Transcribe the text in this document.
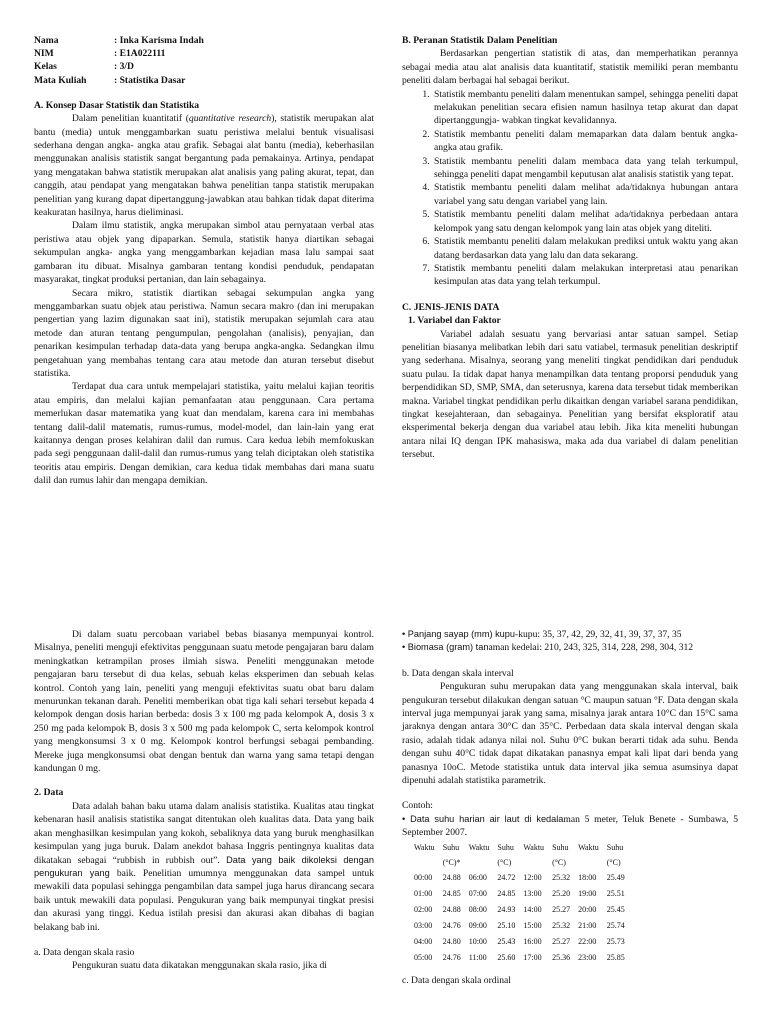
Nama	: Inka Karisma Indah
NIM	: E1A022111
Kelas	: 3/D
Mata Kuliah	: Statistika Dasar

A. Konsep Dasar Statistik dan Statistika

Dalam penelitian kuantitatif (quantitative research), statistik merupakan alat bantu (media) untuk menggambarkan suatu peristiwa melalui bentuk visualisasi sederhana dengan angka- angka atau grafik. Sebagai alat bantu (media), keberhasilan menggunakan analisis statistik sangat bergantung pada pemakainya. Artinya, pendapat yang mengatakan bahwa statistik merupakan alat analisis yang paling akurat, tepat, dan canggih, atau pendapat yang mengatakan bahwa penelitian tanpa statistik merupakan penelitian yang kurang dapat dipertanggung-jawabkan atau bahkan tidak dapat diterima keakuratan hasilnya, harus dieliminasi.

Dalam ilmu statistik, angka merupakan simbol atau pernyataan verbal atas peristiwa atau objek yang dipaparkan. Semula, statistik hanya diartikan sebagai sekumpulan angka- angka yang menggambarkan kejadian masa lalu sampai saat gambaran itu dibuat. Misalnya gambaran tentang kondisi penduduk, pendapatan masyarakat, tingkat produksi pertanian, dan lain sebagainya.

Secara mikro, statistik diartikan sebagai sekumpulan angka yang menggambarkan suatu objek atau peristiwa. Namun secara makro (dan ini merupakan pengertian yang lazim digunakan saat ini), statistik merupakan sejumlah cara atau metode dan aturan tentang pengumpulan, pengolahan (analisis), penyajian, dan penarikan kesimpulan terhadap data-data yang berupa angka-angka. Sedangkan ilmu pengetahuan yang membahas tentang cara atau metode dan aturan tersebut disebut statistika.

Terdapat dua cara untuk mempelajari statistika, yaitu melalui kajian teoritis atau empiris, dan melalui kajian pemanfaatan atau penggunaan. Cara pertama memerlukan dasar matematika yang kuat dan mendalam, karena cara ini membahas tentang dalil-dalil matematis, rumus-rumus, model-model, dan lain-lain yang erat kaitannya dengan proses kelahiran dalil dan rumus. Cara kedua lebih memfokuskan pada segi penggunaan dalil-dalil dan rumus-rumus yang telah diciptakan oleh statistika teoritis atau empiris. Dengan demikian, cara kedua tidak membahas dari mana suatu dalil dan rumus lahir dan mengapa demikian.

B. Peranan Statistik Dalam Penelitian

Berdasarkan pengertian statistik di atas, dan memperhatikan perannya sebagai media atau alat analisis data kuantitatif, statistik memiliki peran membantu peneliti dalam berbagai hal sebagai berikut.

1. Statistik membantu peneliti dalam menentukan sampel, sehingga peneliti dapat melakukan penelitian secara efisien namun hasilnya tetap akurat dan dapat dipertanggungja- wabkan tingkat kevalidannya.
2. Statistik membantu peneliti dalam memaparkan data dalam bentuk angka-angka atau grafik.
3. Statistik membantu peneliti dalam membaca data yang telah terkumpul, sehingga peneliti dapat mengambil keputusan alat analisis statistik yang tepat.
4. Statistik membantu peneliti dalam melihat ada/tidaknya hubungan antara variabel yang satu dengan variabel yang lain.
5. Statistik membantu peneliti dalam melihat ada/tidaknya perbedaan antara kelompok yang satu dengan kelompok yang lain atas objek yang diteliti.
6. Statistik membantu peneliti dalam melakukan prediksi untuk waktu yang akan datang berdasarkan data yang lalu dan data sekarang.
7. Statistik membantu peneliti dalam melakukan interpretasi atau penarikan kesimpulan atas data yang telah terkumpul.

C. JENIS-JENIS DATA

1. Variabel dan Faktor

Variabel adalah sesuatu yang bervariasi antar satuan sampel. Setiap penelitian biasanya melibatkan lebih dari satu vatiabel, termasuk penelitian deskriptif yang sederhana. Misalnya, seorang yang meneliti tingkat pendidikan dari penduduk suatu pulau. Ia tidak dapat hanya menampilkan data tentang proporsi penduduk yang berpendidikan SD, SMP, SMA, dan seterusnya, karena data tersebut tidak memberikan makna. Variabel tingkat pendidikan perlu dikaitkan dengan variabel sarana pendidikan, tingkat kesejahteraan, dan sebagainya. Penelitian yang bersifat eksploratif atau eksperimental bekerja dengan dua variabel atau lebih. Jika kita meneliti hubungan antara nilai IQ dengan IPK mahasiswa, maka ada dua variabel di dalam penelitian tersebut.

Di dalam suatu percobaan variabel bebas biasanya mempunyai kontrol. Misalnya, peneliti menguji efektivitas penggunaan suatu metode pengajaran baru dalam meningkatkan ketrampilan proses ilmiah siswa. Peneliti menggunakan metode pengajaran baru tersebut di dua kelas, sebuah kelas eksperimen dan sebuah kelas kontrol. Contoh yang lain, peneliti yang menguji efektivitas suatu obat baru dalam menurunkan tekanan darah. Peneliti memberikan obat tiga kali sehari tersebut kepada 4 kelompok dengan dosis harian berbeda: dosis 3 x 100 mg pada kelompok A, dosis 3 x 250 mg pada kelompok B, dosis 3 x 500 mg pada kelompok C, serta kelompok kontrol yang mengkonsumsi 3 x 0 mg. Kelompok kontrol berfungsi sebagai pembanding. Mereke juga mengkonsumsi obat dengan bentuk dan warna yang sama tetapi dengan kandungan 0 mg.

2. Data

Data adalah bahan baku utama dalam analisis statistika. Kualitas atau tingkat kebenaran hasil analisis statistika sangat ditentukan oleh kualitas data. Data yang baik akan menghasilkan kesimpulan yang kokoh, sebaliknya data yang buruk menghasilkan kesimpulan yang juga buruk. Dalam anekdot bahasa Inggris pentingnya kualitas data dikatakan sebagai “rubbish in rubbish out”. Data yang baik dikoleksi dengan pengukuran yang baik. Penelitian umumnya menggunakan data sampel untuk mewakili data populasi sehingga pengambilan data sampel juga harus dirancang secara baik untuk mewakili data populasi. Pengukuran yang baik mempunyai tingkat presisi dan akurasi yang tinggi. Kedua istilah presisi dan akurasi akan dibahas di bagian belakang bab ini.

a. Data dengan skala rasio

Pengukuran suatu data dikatakan menggunakan skala rasio, jika di

• Panjang sayap (mm) kupu-kupu: 35, 37, 42, 29, 32, 41, 39, 37, 37, 35

• Biomasa (gram) tanaman kedelai: 210, 243, 325, 314, 228, 298, 304, 312

b. Data dengan skala interval

Pengukuran suhu merupakan data yang menggunakan skala interval, baik pengukuran tersebut dilakukan dengan satuan °C maupun satuan °F. Data dengan skala interval juga mempunyai jarak yang sama, misalnya jarak antara 10°C dan 15°C sama jaraknya dengan antara 30°C dan 35°C. Perbedaan data skala interval dengan skala rasio, adalah tidak adanya nilai nol. Suhu 0°C bukan berarti tidak ada suhu. Benda dengan suhu 40°C tidak dapat dikatakan panasnya empat kali lipat dari benda yang panasnya 10oC. Metode statistika untuk data interval jika semua asumsinya dapat dipenuhi adalah statistika parametrik.

Contoh:

• Data suhu harian air laut di kedalaman 5 meter, Teluk Benete - Sumbawa, 5 September 2007.

Waktu	Suhu	Waktu	Suhu	Waktu	Suhu	Waktu	Suhu
	(°C)*		(°C)		(°C)		(°C)
00:00	24.88	06:00	24.72	12:00	25.32	18:00	25.49
01:00	24.85	07:00	24.85	13:00	25.20	19:00	25.51
02:00	24.88	08:00	24.93	14:00	25.27	20:00	25.45
03:00	24.76	09:00	25.10	15:00	25.32	21:00	25.74
04:00	24.80	10:00	25.43	16:00	25.27	22:00	25.73
05:00	24.76	11:00	25.60	17:00	25.36	23:00	25.85

c. Data dengan skala ordinal
